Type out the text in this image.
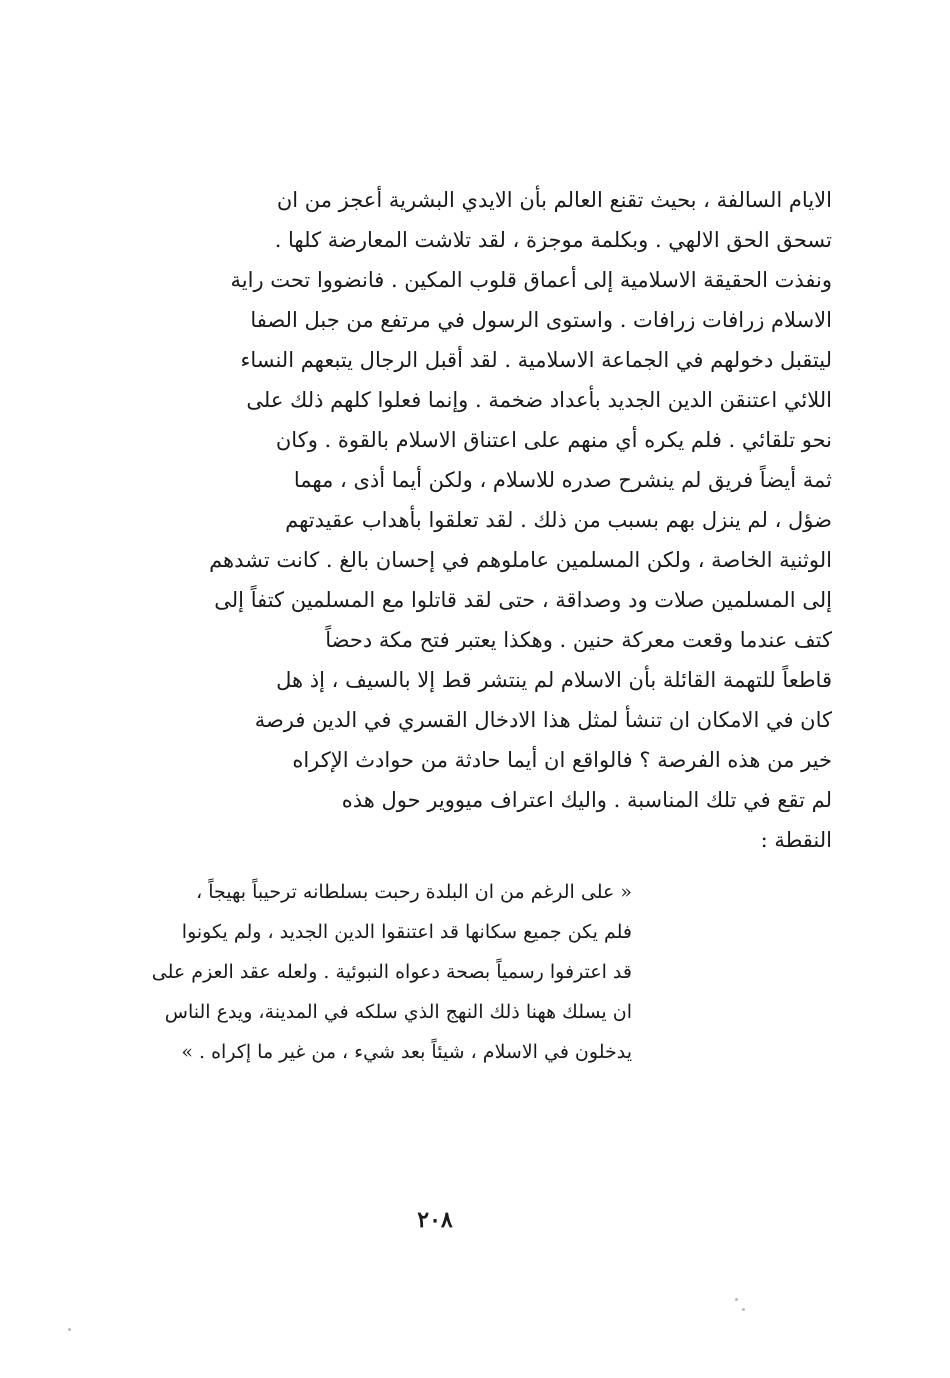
الايام السالفة ، بحيث تقنع العالم بأن الايدي البشرية أعجز من ان
تسحق الحق الالهي . وبكلمة موجزة ، لقد تلاشت المعارضة كلها .
ونفذت الحقيقة الاسلامية إلى أعماق قلوب المكين . فانضووا تحت راية
الاسلام زرافات زرافات . واستوى الرسول في مرتفع من جبل الصفا
ليتقبل دخولهم في الجماعة الاسلامية . لقد أقبل الرجال يتبعهم النساء
اللائي اعتنقن الدين الجديد بأعداد ضخمة . وإنما فعلوا كلهم ذلك على
نحو تلقائي . فلم يكره أي منهم على اعتناق الاسلام بالقوة . وكان
ثمة أيضاً فريق لم ينشرح صدره للاسلام ، ولكن أيما أذى ، مهما
ضؤل ، لم ينزل بهم بسبب من ذلك . لقد تعلقوا بأهداب عقيدتهم
الوثنية الخاصة ، ولكن المسلمين عاملوهم في إحسان بالغ . كانت تشدهم
إلى المسلمين صلات ود وصداقة ، حتى لقد قاتلوا مع المسلمين كتفاً إلى
كتف عندما وقعت معركة حنين . وهكذا يعتبر فتح مكة دحضاً
قاطعاً للتهمة القائلة بأن الاسلام لم ينتشر قط إلا بالسيف ، إذ هل
كان في الامكان ان تنشأ لمثل هذا الادخال القسري في الدين فرصة
خير من هذه الفرصة ؟ فالواقع ان أيما حادثة من حوادث الإكراه
لم تقع في تلك المناسبة . واليك اعتراف ميووير حول هذه
النقطة :
« على الرغم من ان البلدة رحبت بسلطانه ترحيباً بهيجاً ،
فلم يكن جميع سكانها قد اعتنقوا الدين الجديد ، ولم يكونوا
قد اعترفوا رسمياً بصحة دعواه النبوئية . ولعله عقد العزم على
ان يسلك ههنا ذلك النهج الذي سلكه في المدينة، ويدع الناس
يدخلون في الاسلام ، شيئاً بعد شيء ، من غير ما إكراه . »
٢٠٨
